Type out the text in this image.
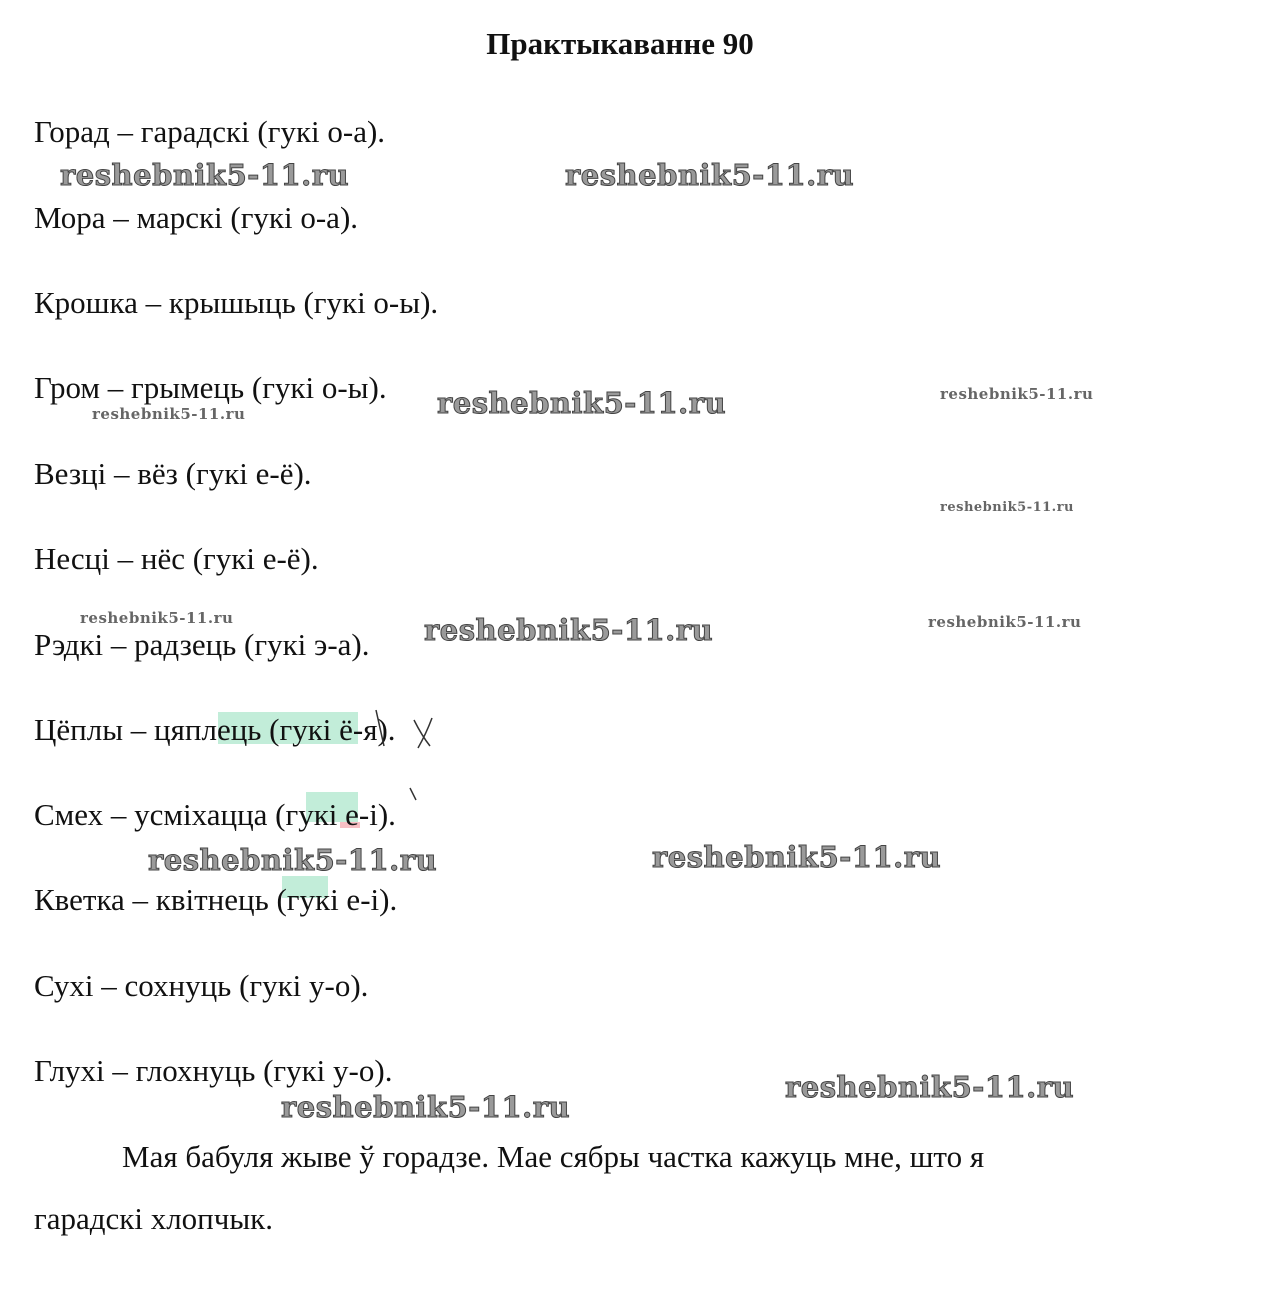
Практыкаванне 90
Горад – гарадскі (гукі о-а).
Мора – марскі (гукі о-а).
Крошка – крышыць (гукі о-ы).
Гром – грымець (гукі о-ы).
Везці – вёз (гукі е-ё).
Несці – нёс (гукі е-ё).
Рэдкі – радзець (гукі э-а).
Цёплы – цяплець (гукі ё-я).
Смех – усміхацца (гукі е-і).
Кветка – квітнець (гукі е-і).
Сухі – сохнуць (гукі у-о).
Глухі – глохнуць (гукі у-о).
Мая бабуля жыве ў горадзе. Мае сябры частка кажуць мне, што я
гарадскі хлопчык.
reshebnik5-11.ru	reshebnik5-11.ru
reshebnik5-11.ru
reshebnik5-11.ru
reshebnik5-11.ru
reshebnik5-11.ru
reshebnik5-11.ru	reshebnik5-11.ru	reshebnik5-11.ru
reshebnik5-11.ru	reshebnik5-11.ru
reshebnik5-11.ru
reshebnik5-11.ru
